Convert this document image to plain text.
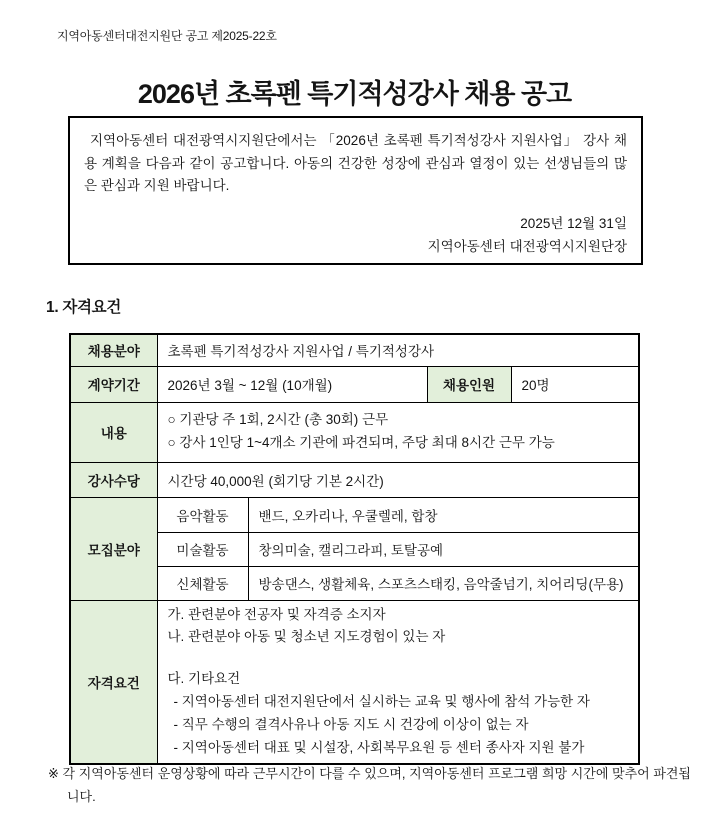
지역아동센터대전지원단 공고 제2025-22호
2026년 초록펜 특기적성강사 채용 공고

지역아동센터 대전광역시지원단에서는 「2026년 초록펜 특기적성강사 지원사업」 강사 채용 계획을 다음과 같이 공고합니다. 아동의 건강한 성장에 관심과 열정이 있는 선생님들의 많은 관심과 지원 바랍니다.

2025년 12월 31일
지역아동센터 대전광역시지원단장
1. 자격요건
채용분야	초록펜 특기적성강사 지원사업 / 특기적성강사			
계약기간	2026년 3월 ~ 12월 (10개월)		채용인원	20명
내용	○ 기관당 주 1회, 2시간 (총 30회) 근무
○ 강사 1인당 1~4개소 기관에 파견되며, 주당 최대 8시간 근무 가능			

강사수당	시간당 40,000원 (회기당 기본 2시간)			
모집분야	음악활동	밴드, 오카리나, 우쿨렐레, 합창		
	미술활동	창의미술, 캘리그라피, 토탈공예		
	신체활동	방송댄스, 생활체육, 스포츠스태킹, 음악줄넘기, 치어리딩(무용)		
자격요건	
가. 관련분야 전공자 및 자격증 소지자
나. 관련분야 아동 및 청소년 지도경험이 있는 자
다. 기타요건
- 지역아동센터 대전지원단에서 실시하는 교육 및 행사에 참석 가능한 자
- 직무 수행의 결격사유나 아동 지도 시 건강에 이상이 없는 자
- 지역아동센터 대표 및 시설장, 사회복무요원 등 센터 종사자 지원 불가
※ 각 지역아동센터 운영상황에 따라 근무시간이 다를 수 있으며, 지역아동센터 프로그램 희망 시간에 맞추어 파견됩니다.
